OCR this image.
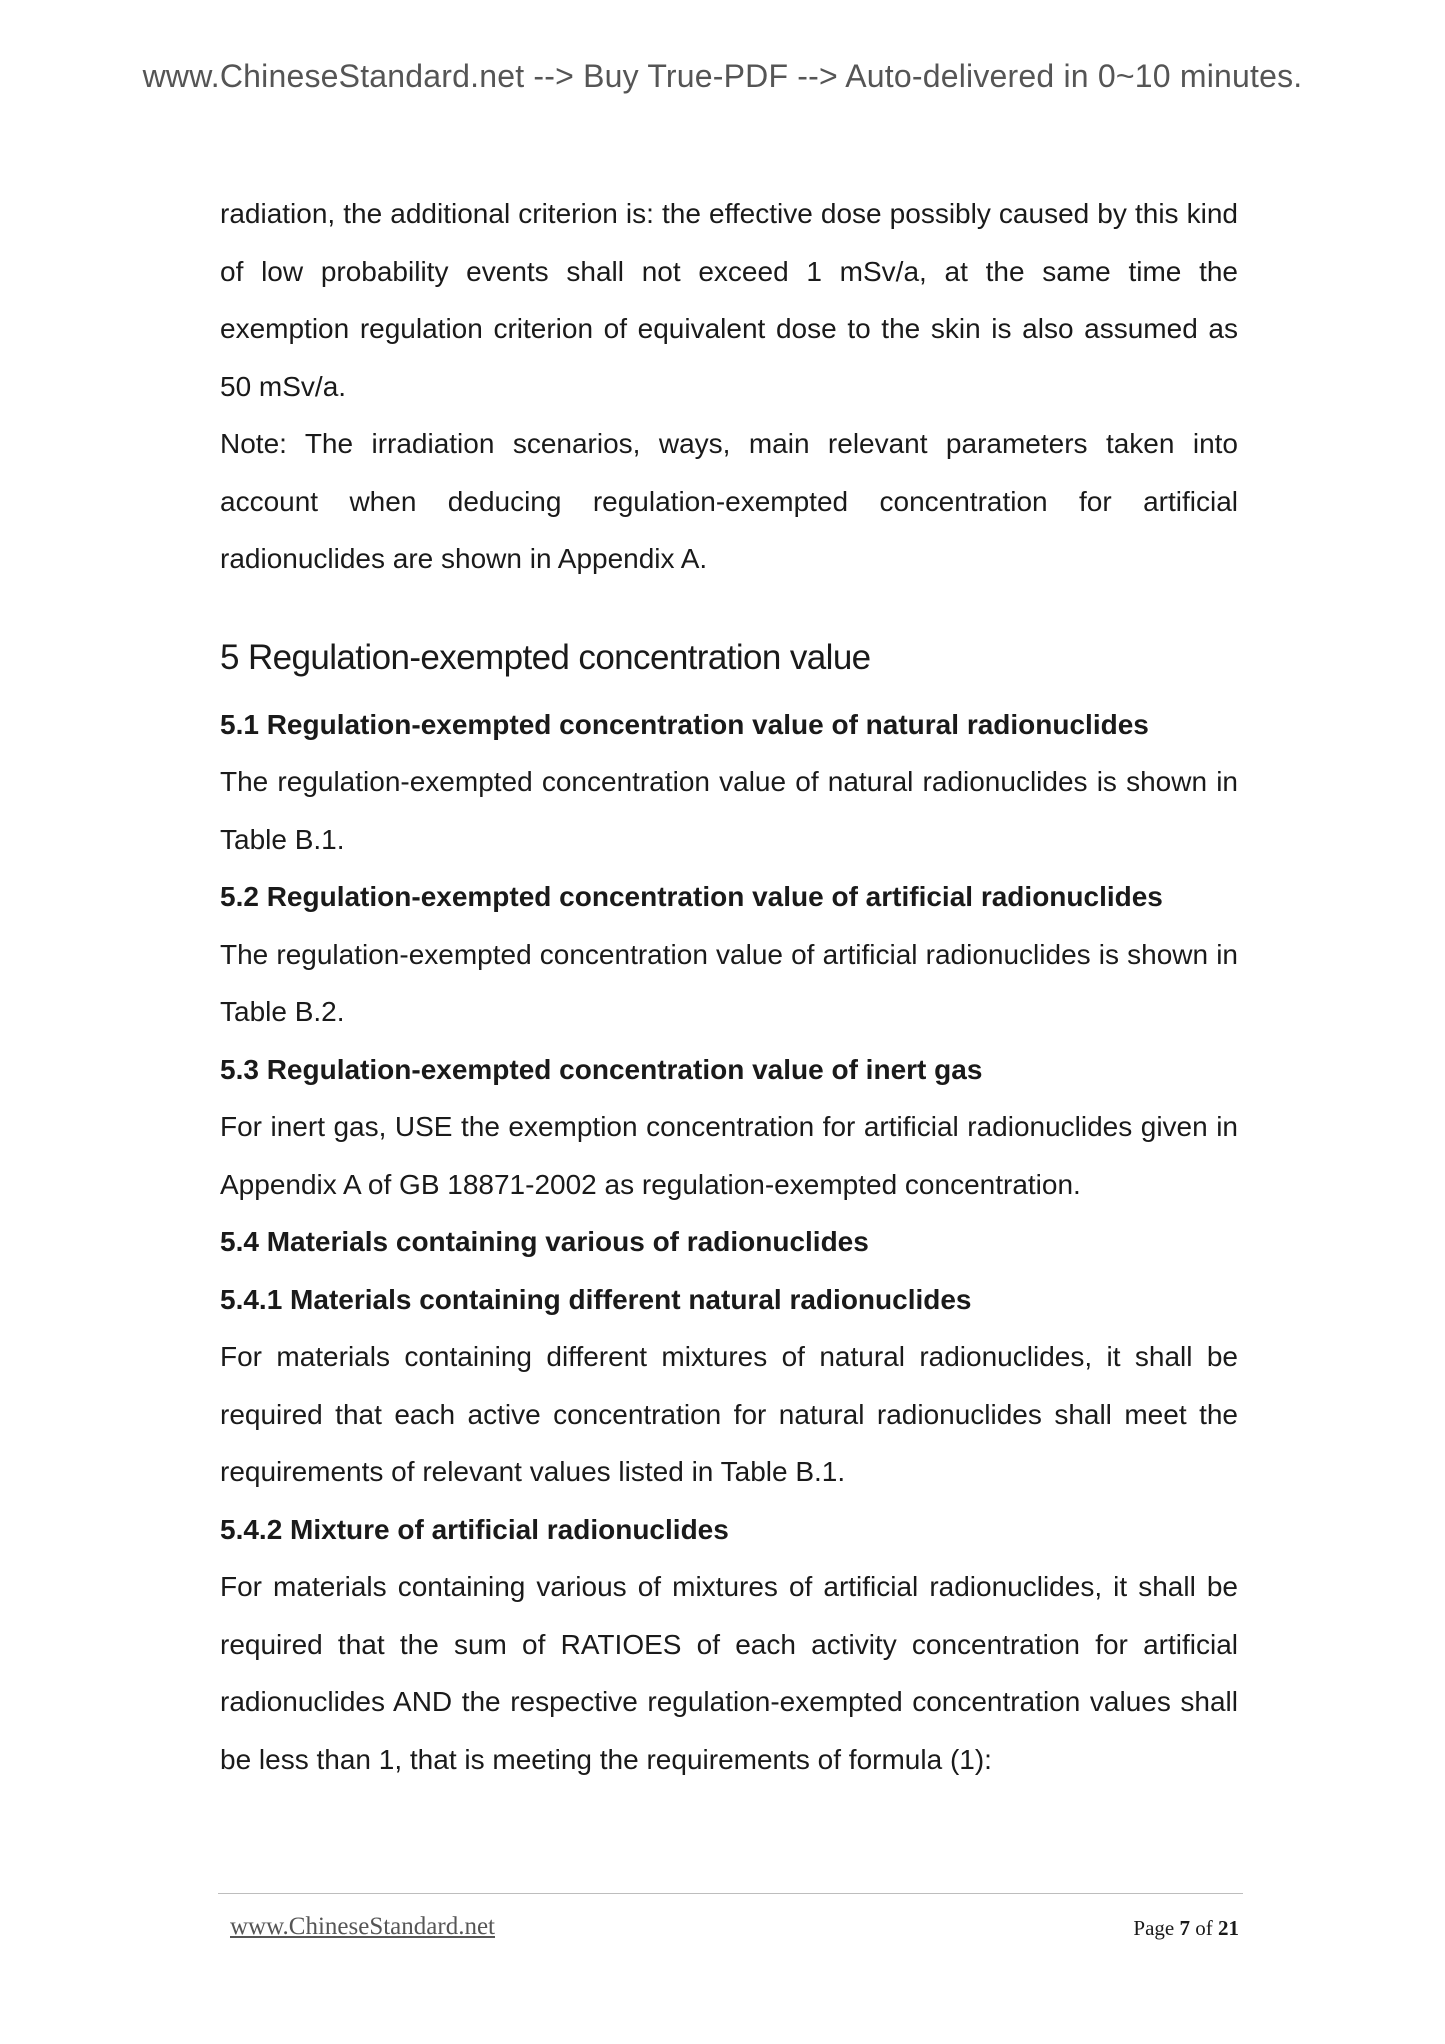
www.ChineseStandard.net --> Buy True-PDF --> Auto-delivered in 0~10 minutes.

radiation, the additional criterion is: the effective dose possibly caused by this kind of low probability events shall not exceed 1 mSv/a, at the same time the exemption regulation criterion of equivalent dose to the skin is also assumed as 50 mSv/a.

Note: The irradiation scenarios, ways, main relevant parameters taken into account when deducing regulation-exempted concentration for artificial radionuclides are shown in Appendix A.

5 Regulation-exempted concentration value

5.1 Regulation-exempted concentration value of natural radionuclides

The regulation-exempted concentration value of natural radionuclides is shown in Table B.1.

5.2 Regulation-exempted concentration value of artificial radionuclides

The regulation-exempted concentration value of artificial radionuclides is shown in Table B.2.

5.3 Regulation-exempted concentration value of inert gas

For inert gas, USE the exemption concentration for artificial radionuclides given in Appendix A of GB 18871-2002 as regulation-exempted concentration.

5.4 Materials containing various of radionuclides

5.4.1 Materials containing different natural radionuclides

For materials containing different mixtures of natural radionuclides, it shall be required that each active concentration for natural radionuclides shall meet the requirements of relevant values listed in Table B.1.

5.4.2 Mixture of artificial radionuclides

For materials containing various of mixtures of artificial radionuclides, it shall be required that the sum of RATIOES of each activity concentration for artificial radionuclides AND the respective regulation-exempted concentration values shall be less than 1, that is meeting the requirements of formula (1):

www.ChineseStandard.net	Page 7 of 21
